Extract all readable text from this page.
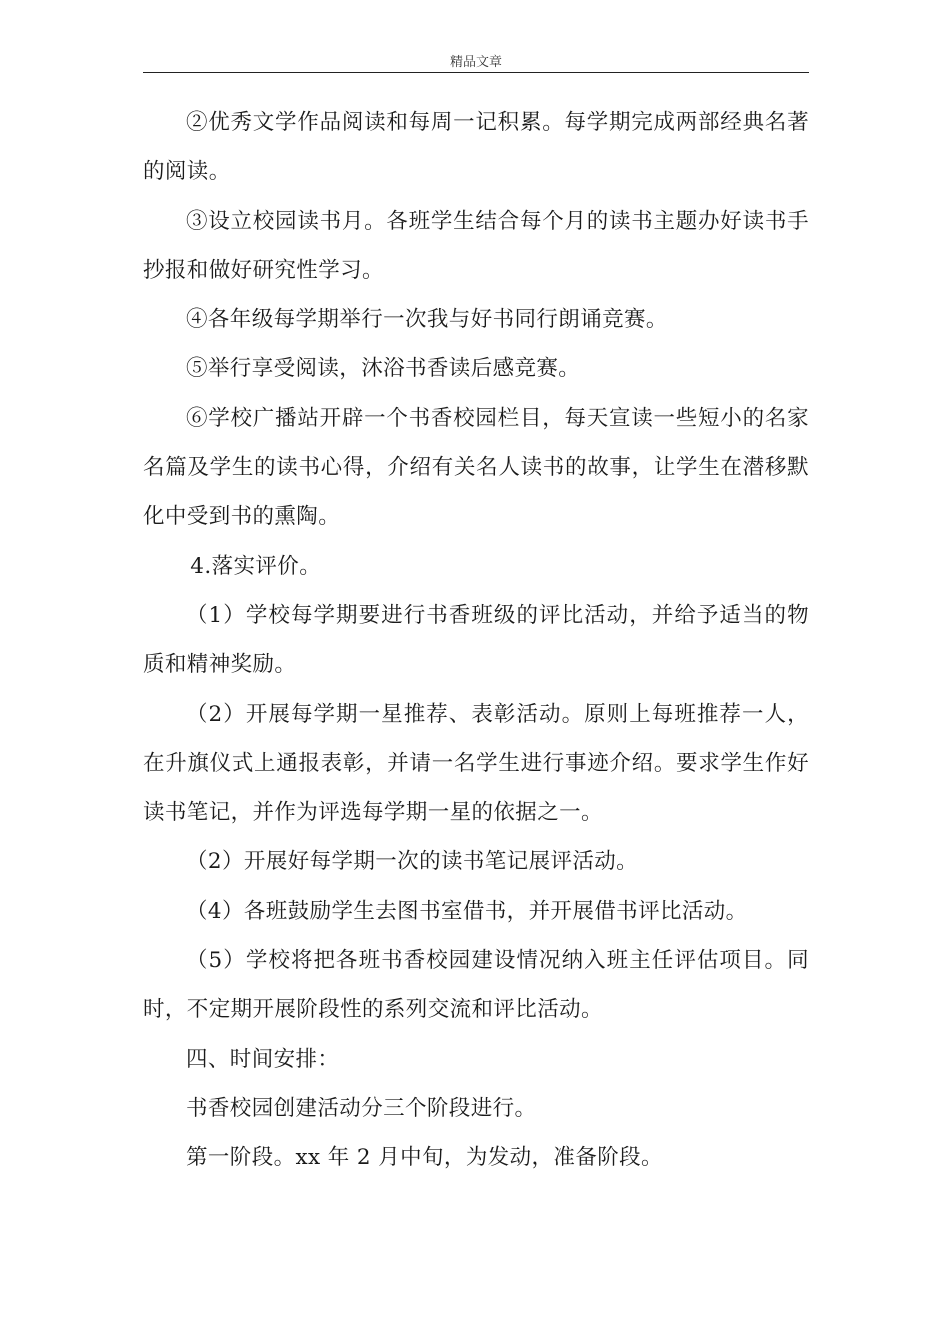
精品文章

②优秀文学作品阅读和每周一记积累。每学期完成两部经典名著的阅读。

③设立校园读书月。各班学生结合每个月的读书主题办好读书手抄报和做好研究性学习。

④各年级每学期举行一次我与好书同行朗诵竞赛。

⑤举行享受阅读，沐浴书香读后感竞赛。

⑥学校广播站开辟一个书香校园栏目，每天宣读一些短小的名家名篇及学生的读书心得，介绍有关名人读书的故事，让学生在潜移默化中受到书的熏陶。

4.落实评价。

（1）学校每学期要进行书香班级的评比活动，并给予适当的物质和精神奖励。

（2）开展每学期一星推荐、表彰活动。原则上每班推荐一人，在升旗仪式上通报表彰，并请一名学生进行事迹介绍。要求学生作好读书笔记，并作为评选每学期一星的依据之一。

（2）开展好每学期一次的读书笔记展评活动。

（4）各班鼓励学生去图书室借书，并开展借书评比活动。

（5）学校将把各班书香校园建设情况纳入班主任评估项目。同时，不定期开展阶段性的系列交流和评比活动。

四、时间安排：

书香校园创建活动分三个阶段进行。

第一阶段。xx 年 2 月中旬，为发动，准备阶段。
